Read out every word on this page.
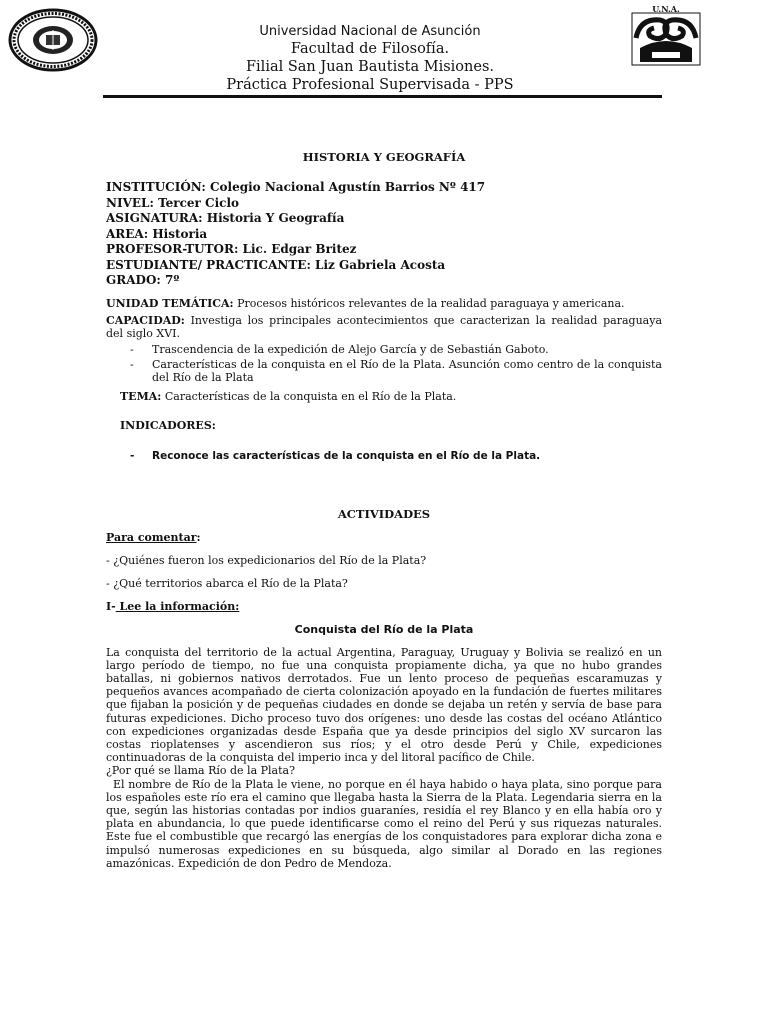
Universidad Nacional de Asunción
Facultad de Filosofía.
Filial San Juan Bautista Misiones.
Práctica Profesional Supervisada - PPS
U.N.A.
HISTORIA Y GEOGRAFÍA
INSTITUCIÓN: Colegio Nacional Agustín Barrios Nº 417
NIVEL: Tercer Ciclo
ASIGNATURA: Historia Y Geografía
AREA: Historia
PROFESOR-TUTOR: Lic. Edgar Britez
ESTUDIANTE/ PRACTICANTE: Liz Gabriela Acosta
GRADO: 7º
UNIDAD TEMÁTICA: Procesos históricos relevantes de la realidad paraguaya y americana.
CAPACIDAD: Investiga los principales acontecimientos que caracterizan la realidad paraguaya del siglo XVI.
- Trascendencia de la expedición de Alejo García y de Sebastián Gaboto.
- Características de la conquista en el Río de la Plata. Asunción como centro de la conquista del Río de la Plata
TEMA: Características de la conquista en el Río de la Plata.
INDICADORES:
- Reconoce las características de la conquista en el Río de la Plata.
ACTIVIDADES
Para comentar:
- ¿Quiénes fueron los expedicionarios del Río de la Plata?
- ¿Qué territorios abarca el Río de la Plata?
I- Lee la información:
Conquista del Río de la Plata
La conquista del territorio de la actual Argentina, Paraguay, Uruguay y Bolivia se realizó en un largo período de tiempo, no fue una conquista propiamente dicha, ya que no hubo grandes batallas, ni gobiernos nativos derrotados. Fue un lento proceso de pequeñas escaramuzas y pequeños avances acompañado de cierta colonización apoyado en la fundación de fuertes militares que fijaban la posición y de pequeñas ciudades en donde se dejaba un retén y servía de base para futuras expediciones. Dicho proceso tuvo dos orígenes: uno desde las costas del océano Atlántico con expediciones organizadas desde España que ya desde principios del siglo XV surcaron las costas rioplatenses y ascendieron sus ríos; y el otro desde Perú y Chile, expediciones continuadoras de la conquista del imperio inca y del litoral pacífico de Chile.
¿Por qué se llama Río de la Plata?
El nombre de Río de la Plata le viene, no porque en él haya habido o haya plata, sino porque para los españoles este río era el camino que llegaba hasta la Sierra de la Plata. Legendaria sierra en la que, según las historias contadas por indios guaraníes, residía el rey Blanco y en ella había oro y plata en abundancia, lo que puede identificarse como el reino del Perú y sus riquezas naturales. Este fue el combustible que recargó las energías de los conquistadores para explorar dicha zona e impulsó numerosas expediciones en su búsqueda, algo similar al Dorado en las regiones amazónicas. Expedición de don Pedro de Mendoza.
